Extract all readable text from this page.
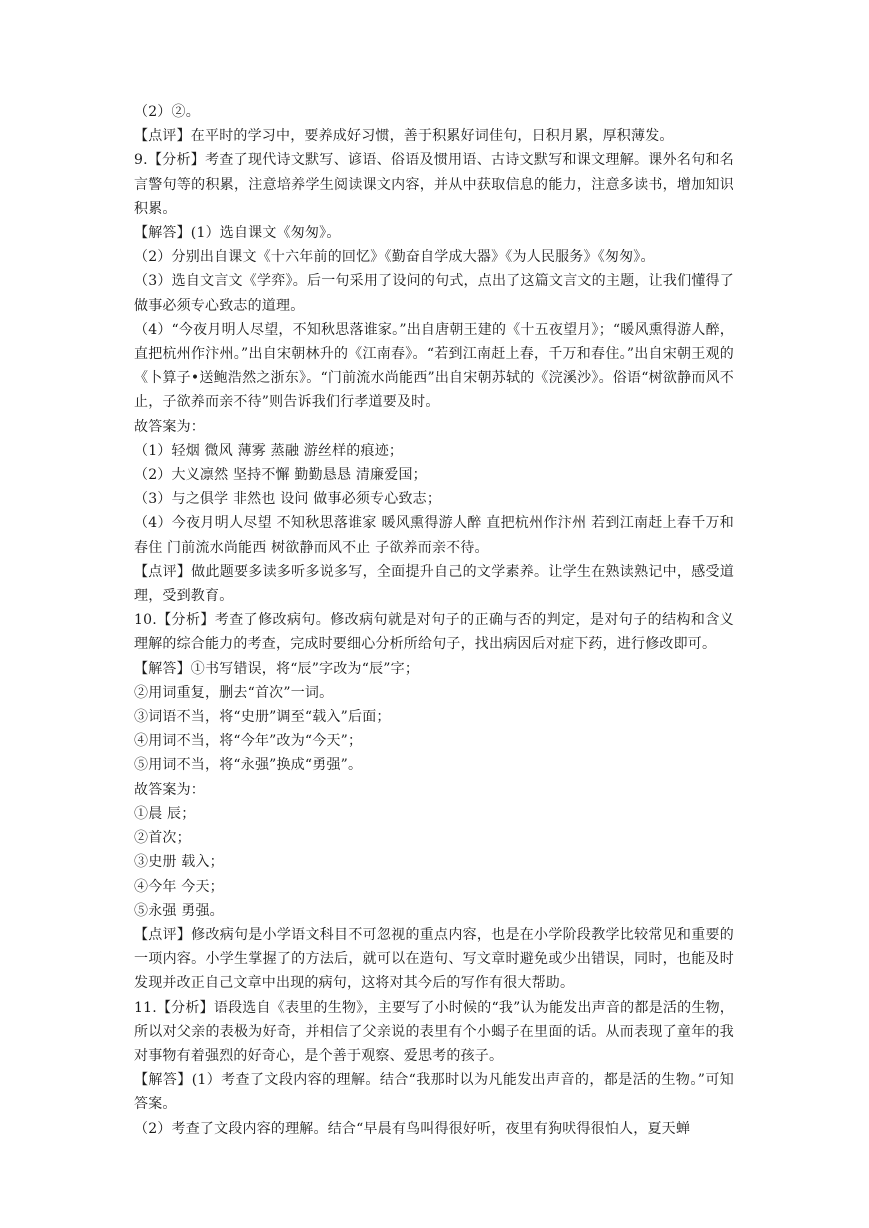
（2）②。

【点评】在平时的学习中，要养成好习惯，善于积累好词佳句，日积月累，厚积薄发。

9.【分析】考查了现代诗文默写、谚语、俗语及惯用语、古诗文默写和课文理解。课外名句和名言警句等的积累，注意培养学生阅读课文内容，并从中获取信息的能力，注意多读书，增加知识积累。

【解答】(1）选自课文《匆匆》。

（2）分别出自课文《十六年前的回忆》《勤奋自学成大器》《为人民服务》《匆匆》。

（3）选自文言文《学弈》。后一句采用了设问的句式，点出了这篇文言文的主题，让我们懂得了做事必须专心致志的道理。

（4）“今夜月明人尽望，不知秋思落谁家。”出自唐朝王建的《十五夜望月》；“暖风熏得游人醉，直把杭州作汴州。”出自宋朝林升的《江南春》。“若到江南赶上春，千万和春住。”出自宋朝王观的《卜算子•送鲍浩然之浙东》。“门前流水尚能西”出自宋朝苏轼的《浣溪沙》。俗语“树欲静而风不止，子欲养而亲不待”则告诉我们行孝道要及时。

故答案为：

（1）轻烟 微风 薄雾 蒸融 游丝样的痕迹；

（2）大义凛然 坚持不懈 勤勤恳恳 清廉爱国；

（3）与之俱学 非然也 设问 做事必须专心致志；

（4）今夜月明人尽望 不知秋思落谁家 暖风熏得游人醉 直把杭州作汴州 若到江南赶上春千万和春住 门前流水尚能西 树欲静而风不止 子欲养而亲不待。

【点评】做此题要多读多听多说多写，全面提升自己的文学素养。让学生在熟读熟记中，感受道理，受到教育。

10.【分析】考查了修改病句。修改病句就是对句子的正确与否的判定，是对句子的结构和含义理解的综合能力的考查，完成时要细心分析所给句子，找出病因后对症下药，进行修改即可。

【解答】①书写错误，将“辰”字改为“辰”字；

②用词重复，删去“首次”一词。

③词语不当，将“史册”调至“载入”后面；

④用词不当，将“今年”改为“今天”；

⑤用词不当，将“永强”换成“勇强”。

故答案为：

①晨 辰；

②首次；

③史册 载入；

④今年 今天；

⑤永强 勇强。

【点评】修改病句是小学语文科目不可忽视的重点内容，也是在小学阶段教学比较常见和重要的一项内容。小学生掌握了的方法后，就可以在造句、写文章时避免或少出错误，同时，也能及时发现并改正自己文章中出现的病句，这将对其今后的写作有很大帮助。

11.【分析】语段选自《表里的生物》，主要写了小时候的“我”认为能发出声音的都是活的生物，所以对父亲的表极为好奇，并相信了父亲说的表里有个小蝎子在里面的话。从而表现了童年的我对事物有着强烈的好奇心，是个善于观察、爱思考的孩子。

【解答】(1）考查了文段内容的理解。结合“我那时以为凡能发出声音的，都是活的生物。”可知答案。

（2）考查了文段内容的理解。结合“早晨有鸟叫得很好听，夜里有狗吠得很怕人，夏天蝉
